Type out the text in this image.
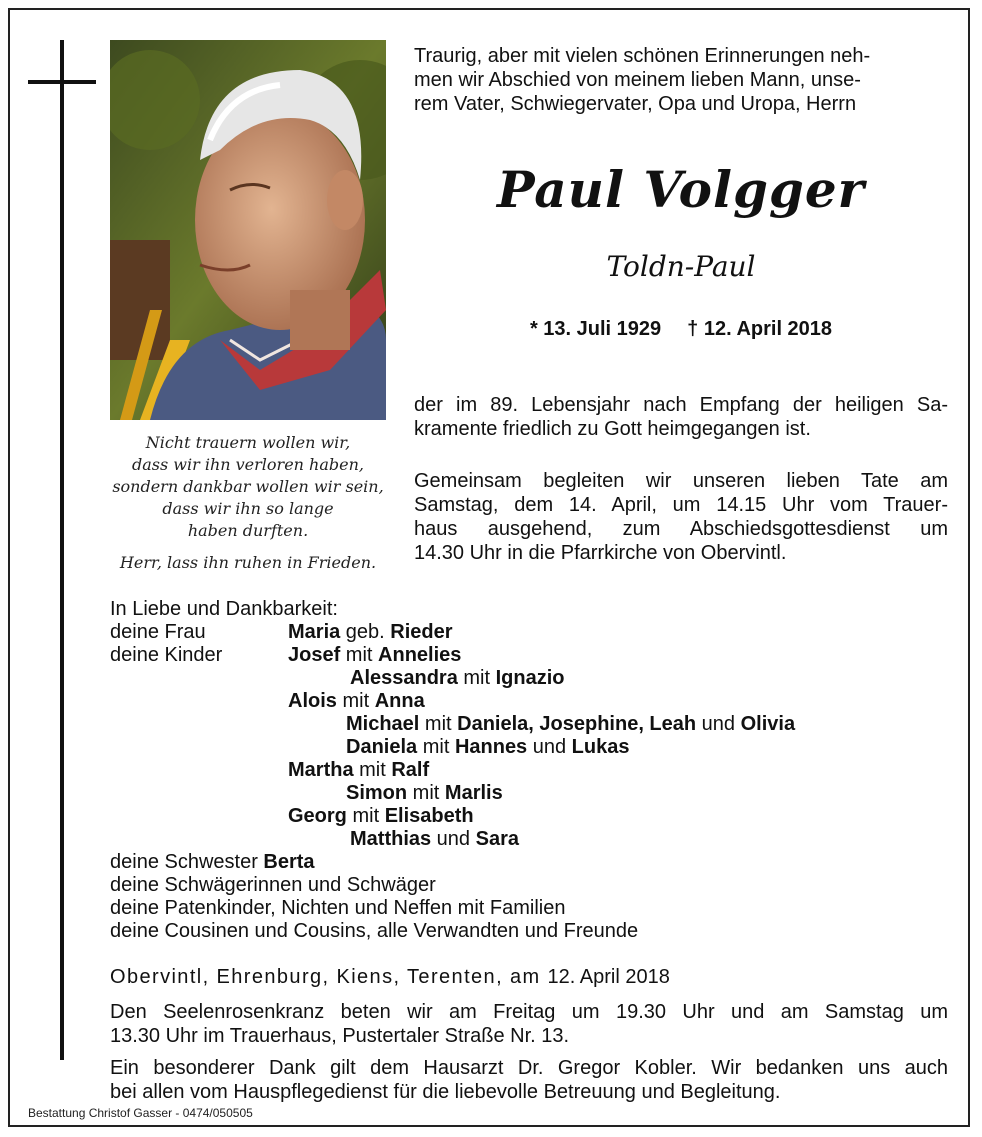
Nicht trauern wollen wir,
dass wir ihn verloren haben,
sondern dankbar wollen wir sein,
dass wir ihn so lange
haben durften.
Herr, lass ihn ruhen in Frieden.
Traurig, aber mit vielen schönen Erinnerungen neh-
men wir Abschied von meinem lieben Mann, unse-
rem Vater, Schwiegervater, Opa und Uropa, Herrn
Paul Volgger
Toldn-Paul
* 13. Juli 1929 † 12. April 2018
der im 89. Lebensjahr nach Empfang der heiligen Sa-
kramente friedlich zu Gott heimgegangen ist.
Gemeinsam begleiten wir unseren lieben Tate am
Samstag, dem 14. April, um 14.15 Uhr vom Trauer-
haus ausgehend, zum Abschiedsgottesdienst um
14.30 Uhr in die Pfarrkirche von Obervintl.
In Liebe und Dankbarkeit:
deine Frau	Maria geb. Rieder
deine Kinder	Josef mit Annelies
Alessandra mit Ignazio
Alois mit Anna
Michael mit Daniela, Josephine, Leah und Olivia
Daniela mit Hannes und Lukas
Martha mit Ralf
Simon mit Marlis
Georg mit Elisabeth
Matthias und Sara
deine Schwester Berta
deine Schwägerinnen und Schwäger
deine Patenkinder, Nichten und Neffen mit Familien
deine Cousinen und Cousins, alle Verwandten und Freunde
Obervintl, Ehrenburg, Kiens, Terenten, am 12. April 2018
Den Seelenrosenkranz beten wir am Freitag um 19.30 Uhr und am Samstag um
13.30 Uhr im Trauerhaus, Pustertaler Straße Nr. 13.
Ein besonderer Dank gilt dem Hausarzt Dr. Gregor Kobler. Wir bedanken uns auch
bei allen vom Hauspflegedienst für die liebevolle Betreuung und Begleitung.
Bestattung Christof Gasser - 0474/050505
